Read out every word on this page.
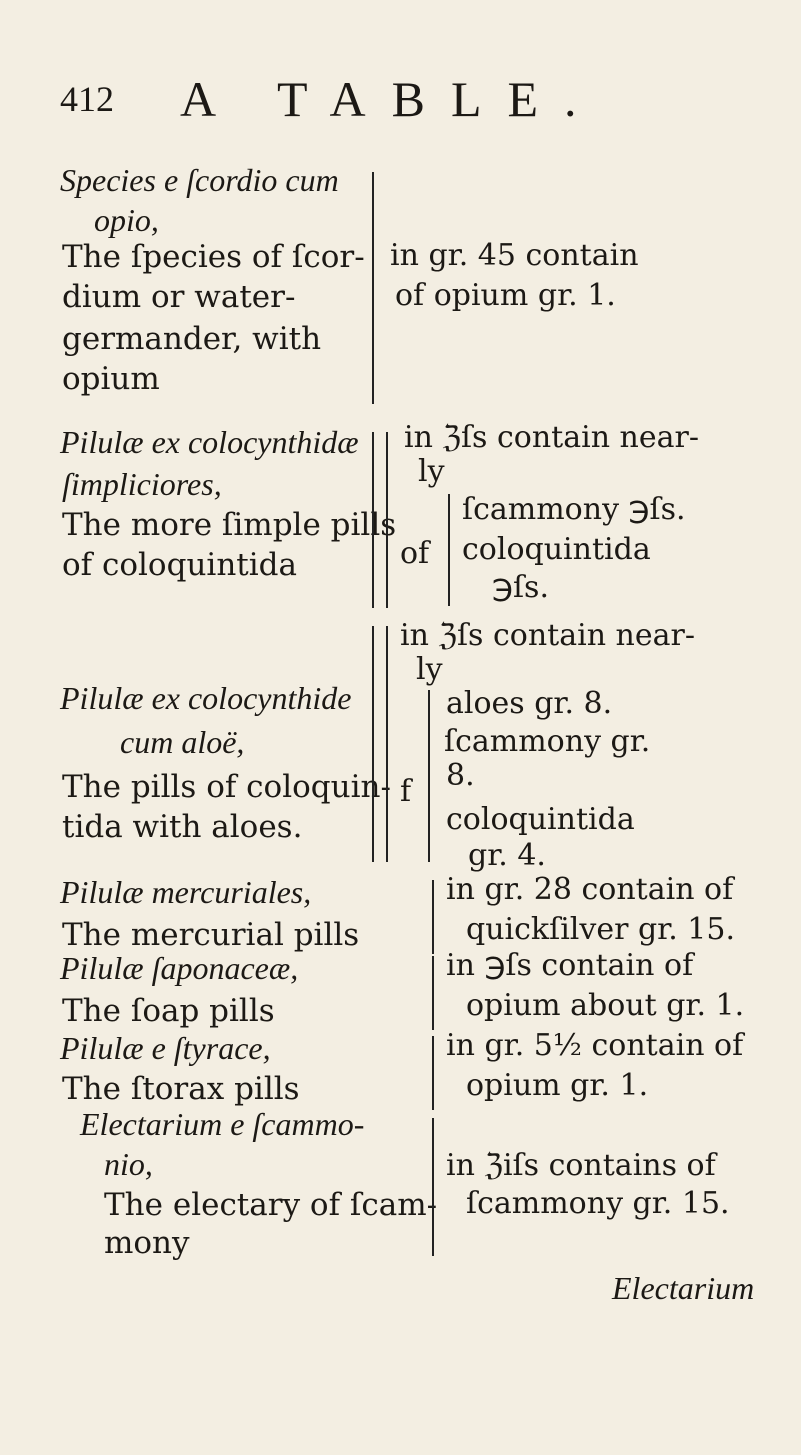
412 A TABLE.
Species e ſcordio cum
opio,
The ſpecies of ſcor-
dium or water-
germander, with
opium
in gr. 45 contain
of opium gr. 1.
Pilulæ ex colocynthidæ
ſimpliciores,
The more ſimple pills
of coloquintida
in ℨſs contain near-
ly
of
ſcammony ℈ſs.
coloquintida
℈ſs.
Pilulæ ex colocynthide
cum aloë,
The pills of coloquin-
tida with aloes.
in ℨſs contain near-
ly
f
aloes gr. 8.
ſcammony gr.
8.
coloquintida
gr. 4.
Pilulæ mercuriales,
The mercurial pills
in gr. 28 contain of
quickſilver gr. 15.
Pilulæ ſaponaceæ,
The ſoap pills
in ℈ſs contain of
opium about gr. 1.
Pilulæ e ſtyrace,
The ſtorax pills
in gr. 5½ contain of
opium gr. 1.
Electarium e ſcammo-
nio,
The electary of ſcam-
mony
in ℨiſs contains of
ſcammony gr. 15.
Electarium
